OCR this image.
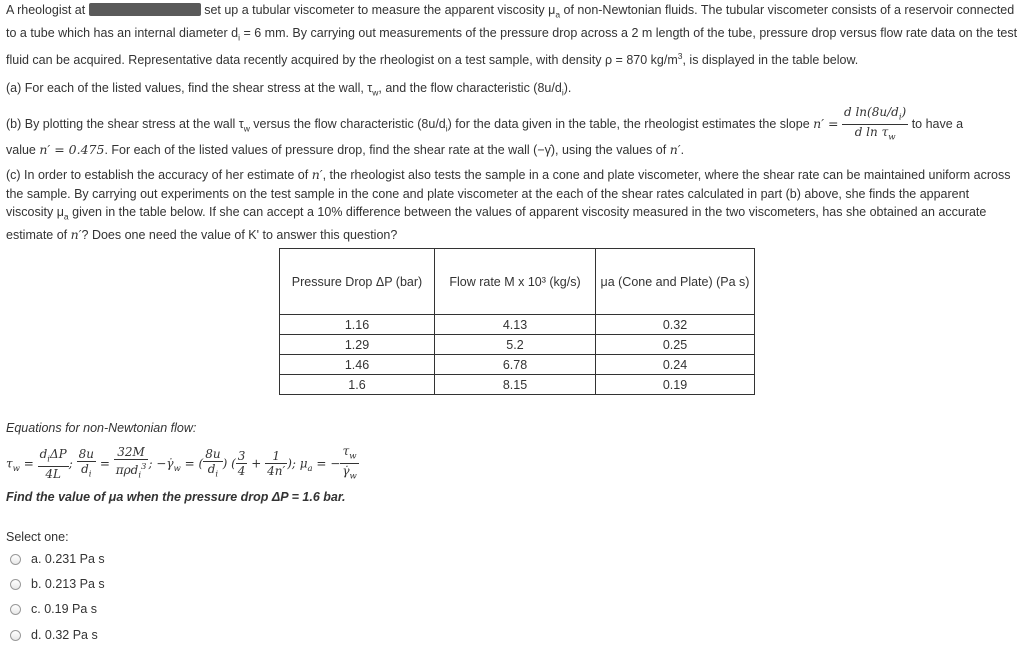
A rheologist at	set up a tubular viscometer to measure the apparent viscosity $\mu_a$ of non-Newtonian fluids. The tubular viscometer consists of a reservoir connected to a tube which has an internal diameter $d_i = 6$ mm. By carrying out measurements of the pressure drop across a 2 m length of the tube, pressure drop versus flow rate data on the test fluid can be acquired. Representative data recently acquired by the rheologist on a test sample, with density ρ = 870 $kg/m^3$, is displayed in the table below.

(a) For each of the listed values, find the shear stress at the wall, $\tau_w$, and the flow characteristic $(8u/d_i)$.

(b) By plotting the shear stress at the wall $\tau_w$ versus the flow characteristic $(8u/d_i)$ for the data given in the table, the rheologist estimates the slope $n' = \frac{d \ln(8u/d_i)}{d \ln \tau_w}$ to have a

value n′ = 0.475. For each of the listed values of pressure drop, find the shear rate at the wall (−γ̇), using the values of n′.

(c) In order to establish the accuracy of her estimate of n′, the rheologist also tests the sample in a cone and plate viscometer, where the shear rate can be maintained uniform across the sample. By carrying out experiments on the test sample in the cone and plate viscometer at the each of the shear rates calculated in part (b) above, she finds the apparent viscosity $\mu_a$ given in the table below. If she can accept a 10% difference between the values of apparent viscosity measured in the two viscometers, has she obtained an accurate estimate of n′? Does one need the value of K' to answer this question?

Pressure Drop ΔP (bar)	Flow rate M x 10³ (kg/s)	μa (Cone and Plate) (Pa s)
1.16	4.13	0.32
1.29	5.2	0.25
1.46	6.78	0.24
1.6	8.15	0.19
Equations for non-Newtonian flow:
$\tau_w = \frac{d_i\Delta P}{4L}$ ; $\frac{8u}{d_i} = \frac{32M}{\pi\rho d_i^3}$ ; $-\gammȧ_w$ = ( $\frac{8u}{d_i}$ ) ( $\frac{3}{4} + \frac{1}{4n'}$ ); $\mu_a$ = − $\frac{\tau_w}{\gammȧ_w}$
Find the value of μa when the pressure drop ΔP = 1.6 bar.
Select one:
a. 0.231 Pa s
b. 0.213 Pa s
c. 0.19 Pa s
d. 0.32 Pa s
